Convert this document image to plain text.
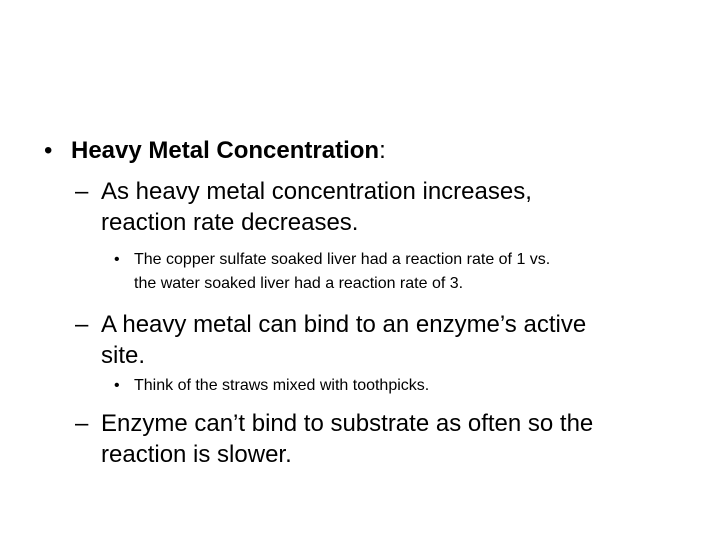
• Heavy Metal Concentration:
– As heavy metal concentration increases,
reaction rate decreases.
• The copper sulfate soaked liver had a reaction rate of 1 vs.
the water soaked liver had a reaction rate of 3.
– A heavy metal can bind to an enzyme’s active
site.
• Think of the straws mixed with toothpicks.
– Enzyme can’t bind to substrate as often so the
reaction is slower.
